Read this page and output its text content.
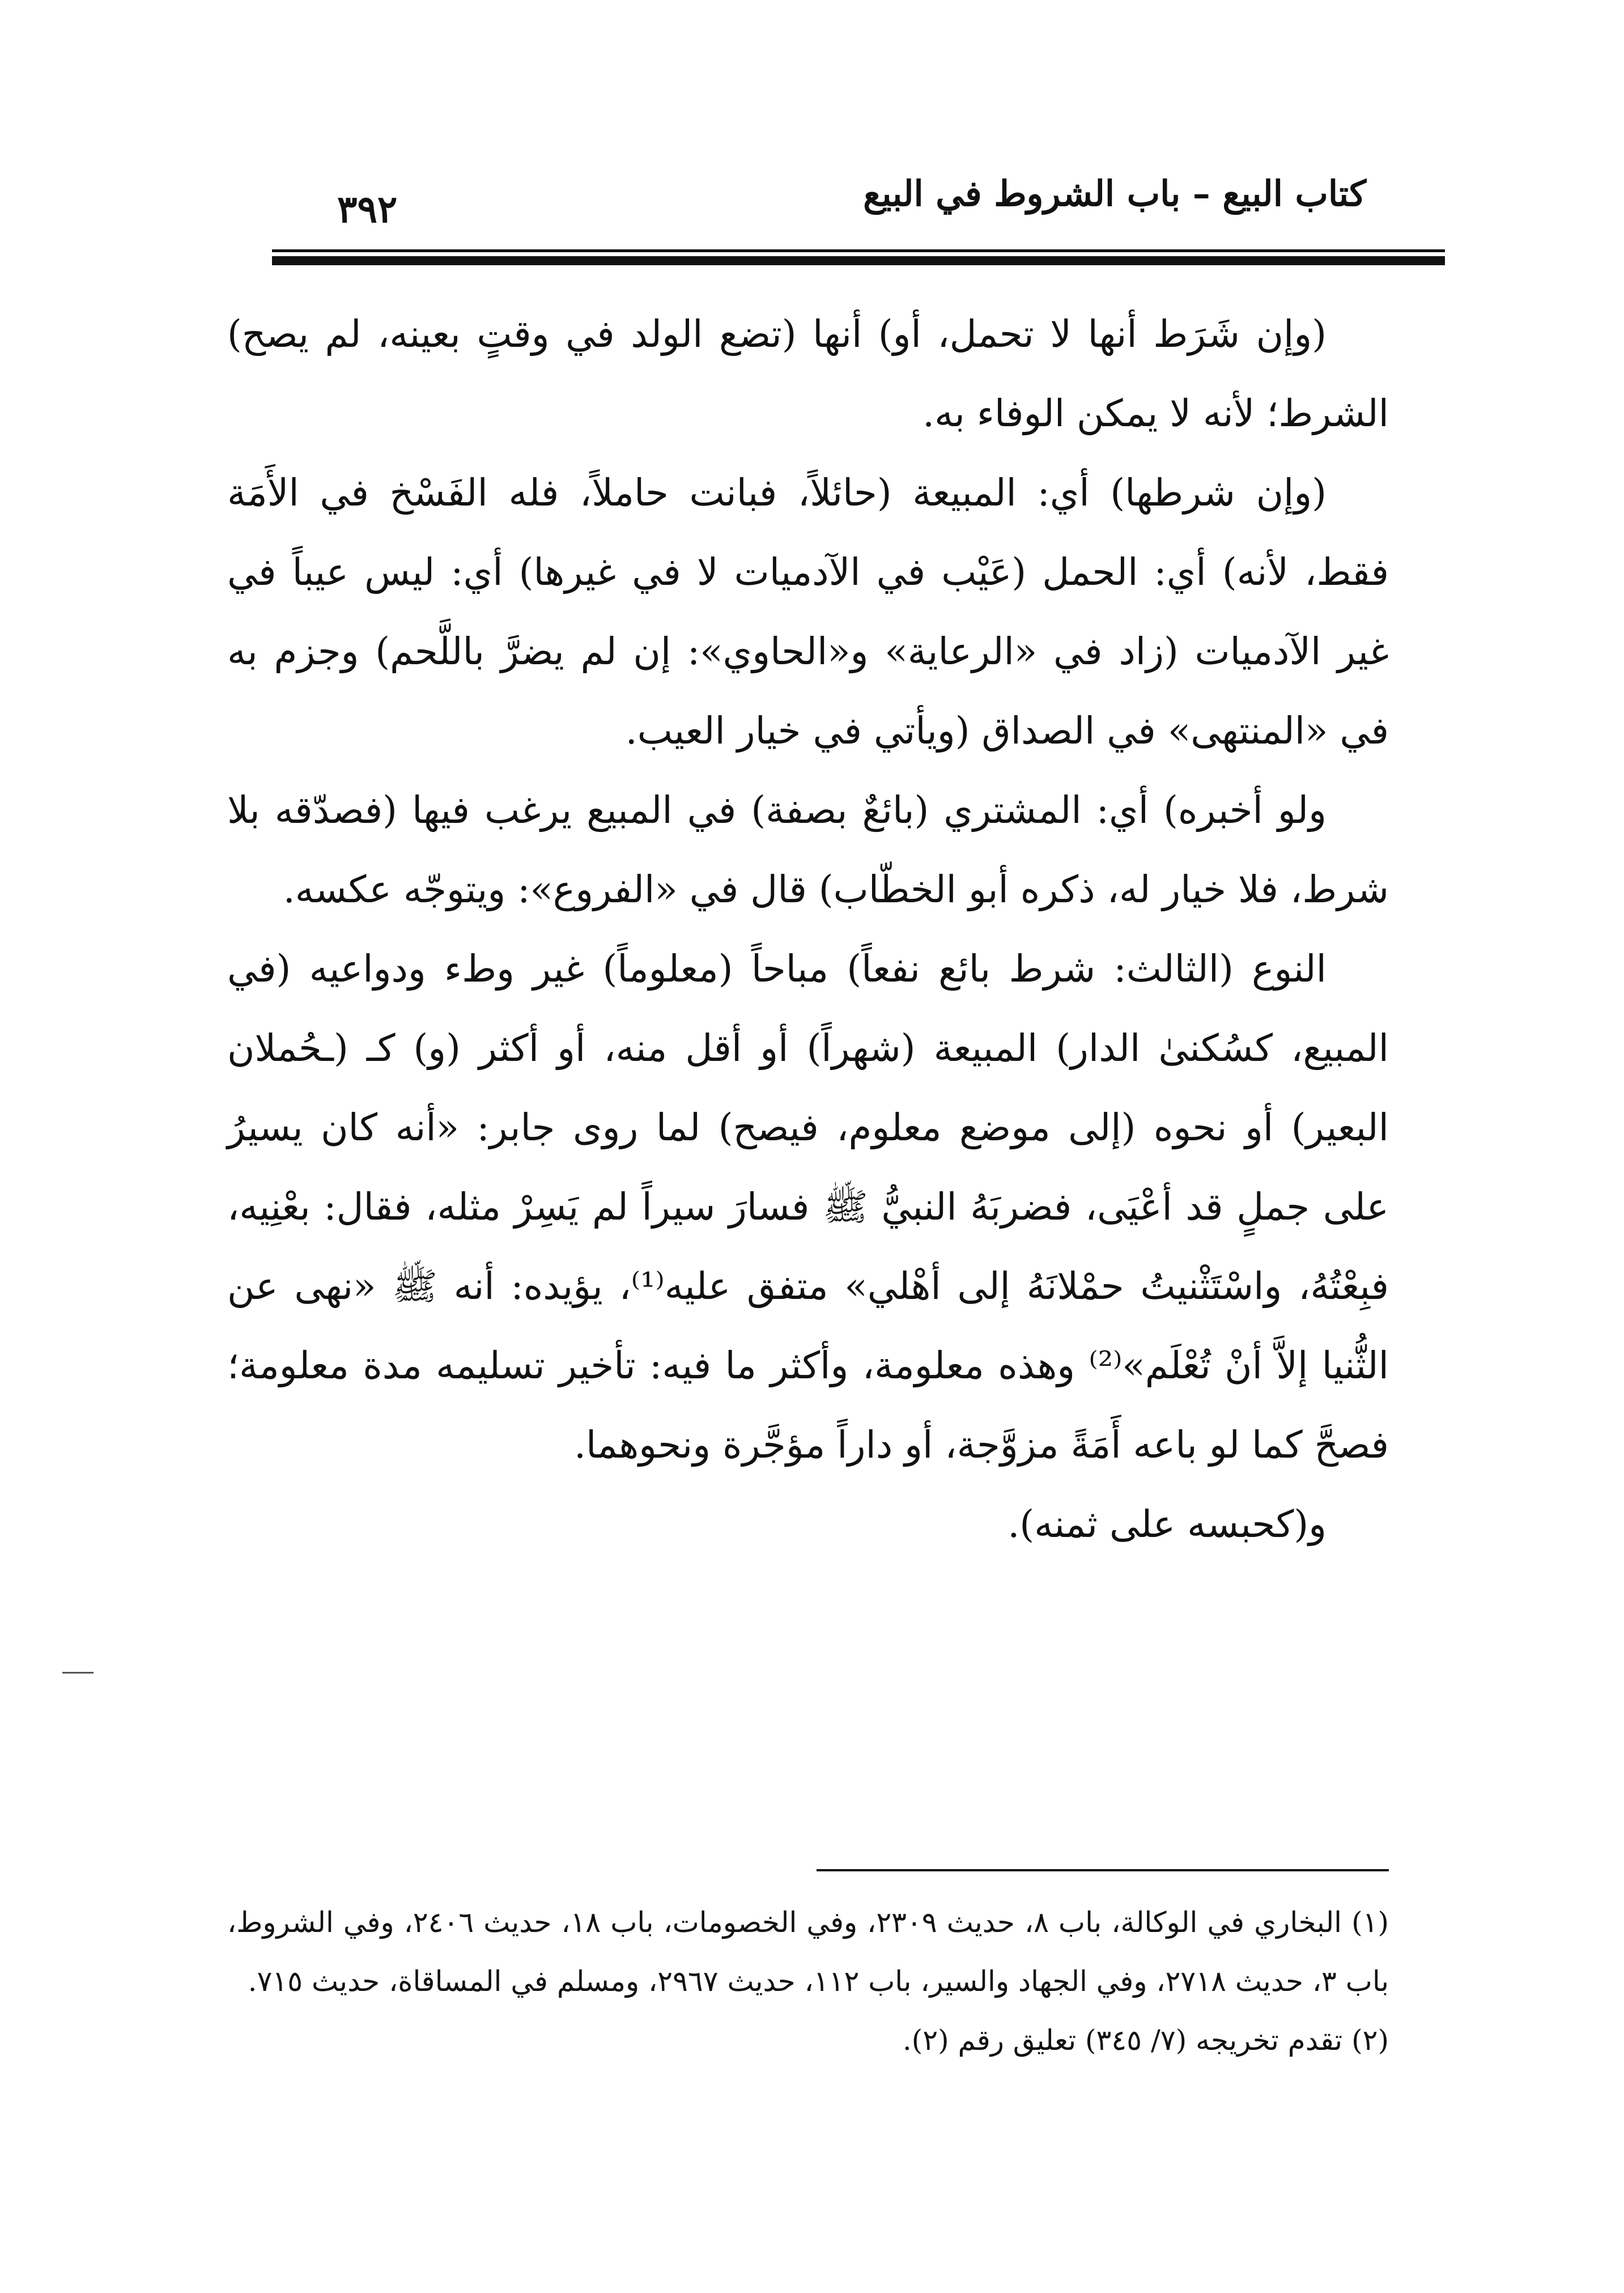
كتاب البيع – باب الشروط في البيع
٣٩٢

(وإن شَرَط أنها لا تحمل، أو) أنها (تضع الولد في وقتٍ بعينه، لم يصح) الشرط؛ لأنه لا يمكن الوفاء به.

(وإن شرطها) أي: المبيعة (حائلاً، فبانت حاملاً، فله الفَسْخ في الأَمَة فقط، لأنه) أي: الحمل (عَيْب في الآدميات لا في غيرها) أي: ليس عيباً في غير الآدميات (زاد في «الرعاية» و«الحاوي»: إن لم يضرَّ باللَّحم) وجزم به في «المنتهى» في الصداق (ويأتي في خيار العيب.

ولو أخبره) أي: المشتري (بائعٌ بصفة) في المبيع يرغب فيها (فصدّقه بلا شرط، فلا خيار له، ذكره أبو الخطّاب) قال في «الفروع»: ويتوجّه عكسه.

النوع (الثالث: شرط بائع نفعاً) مباحاً (معلوماً) غير وطء ودواعيه (في المبيع، كسُكنىٰ الدار) المبيعة (شهراً) أو أقل منه، أو أكثر (و) كـ (ـحُملان البعير) أو نحوه (إلى موضع معلوم، فيصح) لما روى جابر: «أنه كان يسيرُ على جملٍ قد أعْيَى، فضربَهُ النبيُّ ﷺ فسارَ سيراً لم يَسِرْ مثله، فقال: بعْنِيه، فبِعْتُهُ، واسْتَثْنيتُ حمْلانَهُ إلى أهْلي» متفق عليه⁽¹⁾، يؤيده: أنه ﷺ «نهى عن الثُّنيا إلاَّ أنْ تُعْلَم»⁽²⁾ وهذه معلومة، وأكثر ما فيه: تأخير تسليمه مدة معلومة؛ فصحَّ كما لو باعه أَمَةً مزوَّجة، أو داراً مؤجَّرة ونحوهما.

و(كحبسه على ثمنه).

(١) البخاري في الوكالة، باب ٨، حديث ٢٣٠٩، وفي الخصومات، باب ١٨، حديث ٢٤٠٦، وفي الشروط، باب ٣، حديث ٢٧١٨، وفي الجهاد والسير، باب ١١٢، حديث ٢٩٦٧، ومسلم في المساقاة، حديث ٧١٥.

(٢) تقدم تخريجه (٧/ ٣٤٥) تعليق رقم (٢).
